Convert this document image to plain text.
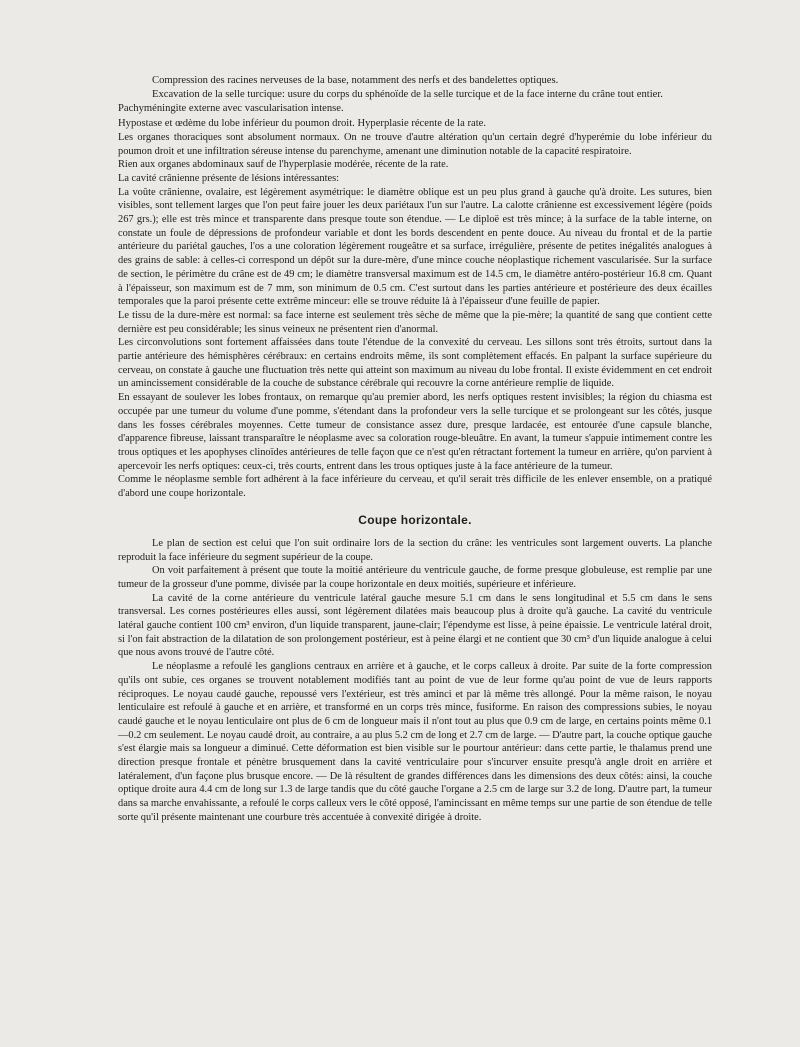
Compression des racines nerveuses de la base, notamment des nerfs et des bandelettes optiques.

Excavation de la selle turcique: usure du corps du sphénoïde de la selle turcique et de la face interne du crâne tout entier.

Pachyméningite externe avec vascularisation intense.

Hypostase et œdème du lobe inférieur du poumon droit. Hyperplasie récente de la rate.

Les organes thoraciques sont absolument normaux. On ne trouve d'autre altération qu'un certain degré d'hyperémie du lobe inférieur du poumon droit et une infiltration séreuse intense du parenchyme, amenant une diminution notable de la capacité respiratoire.

Rien aux organes abdominaux sauf de l'hyperplasie modérée, récente de la rate.

La cavité crânienne présente de lésions intéressantes:

La voûte crânienne, ovalaire, est légèrement asymétrique: le diamètre oblique est un peu plus grand à gauche qu'à droite. Les sutures, bien visibles, sont tellement larges que l'on peut faire jouer les deux pariétaux l'un sur l'autre. La calotte crânienne est excessivement légère (poids 267 grs.); elle est très mince et transparente dans presque toute son étendue. — Le diploë est très mince; à la surface de la table interne, on constate un foule de dépressions de profondeur variable et dont les bords descendent en pente douce. Au niveau du frontal et de la partie antérieure du pariétal gauches, l'os a une coloration légèrement rougeâtre et sa surface, irrégulière, présente de petites inégalités analogues à des grains de sable: à celles-ci correspond un dépôt sur la dure-mère, d'une mince couche néoplastique richement vascularisée. Sur la surface de section, le périmètre du crâne est de 49 cm; le diamètre transversal maximum est de 14.5 cm, le diamètre antéro-postérieur 16.8 cm. Quant à l'épaisseur, son maximum est de 7 mm, son minimum de 0.5 cm. C'est surtout dans les parties antérieure et postérieure des deux écailles temporales que la paroi présente cette extrême minceur: elle se trouve réduite là à l'épaisseur d'une feuille de papier.

Le tissu de la dure-mère est normal: sa face interne est seulement très sèche de même que la pie-mère; la quantité de sang que contient cette dernière est peu considérable; les sinus veineux ne présentent rien d'anormal.

Les circonvolutions sont fortement affaissées dans toute l'étendue de la convexité du cerveau. Les sillons sont très étroits, surtout dans la partie antérieure des hémisphères cérébraux: en certains endroits même, ils sont complètement effacés. En palpant la surface supérieure du cerveau, on constate à gauche une fluctuation très nette qui atteint son maximum au niveau du lobe frontal. Il existe évidemment en cet endroit un amincissement considérable de la couche de substance cérébrale qui recouvre la corne antérieure remplie de liquide.

En essayant de soulever les lobes frontaux, on remarque qu'au premier abord, les nerfs optiques restent invisibles; la région du chiasma est occupée par une tumeur du volume d'une pomme, s'étendant dans la profondeur vers la selle turcique et se prolongeant sur les côtés, jusque dans les fosses cérébrales moyennes. Cette tumeur de consistance assez dure, presque lardacée, est entourée d'une capsule blanche, d'apparence fibreuse, laissant transparaître le néoplasme avec sa coloration rouge-bleuâtre. En avant, la tumeur s'appuie intimement contre les trous optiques et les apophyses clinoïdes antérieures de telle façon que ce n'est qu'en rétractant fortement la tumeur en arrière, qu'on parvient à apercevoir les nerfs optiques: ceux-ci, très courts, entrent dans les trous optiques juste à la face antérieure de la tumeur.

Comme le néoplasme semble fort adhérent à la face inférieure du cerveau, et qu'il serait très difficile de les enlever ensemble, on a pratiqué d'abord une coupe horizontale.

Coupe horizontale.

Le plan de section est celui que l'on suit ordinaire lors de la section du crâne: les ventricules sont largement ouverts. La planche reproduit la face inférieure du segment supérieur de la coupe.

On voit parfaitement à présent que toute la moitié antérieure du ventricule gauche, de forme presque globuleuse, est remplie par une tumeur de la grosseur d'une pomme, divisée par la coupe horizontale en deux moitiés, supérieure et inférieure.

La cavité de la corne antérieure du ventricule latéral gauche mesure 5.1 cm dans le sens longitudinal et 5.5 cm dans le sens transversal. Les cornes postérieures elles aussi, sont légèrement dilatées mais beaucoup plus à droite qu'à gauche. La cavité du ventricule latéral gauche contient 100 cm³ environ, d'un liquide transparent, jaune-clair; l'épendyme est lisse, à peine épaissie. Le ventricule latéral droit, si l'on fait abstraction de la dilatation de son prolongement postérieur, est à peine élargi et ne contient que 30 cm³ d'un liquide analogue à celui que nous avons trouvé de l'autre côté.

Le néoplasme a refoulé les ganglions centraux en arrière et à gauche, et le corps calleux à droite. Par suite de la forte compression qu'ils ont subie, ces organes se trouvent notablement modifiés tant au point de vue de leur forme qu'au point de vue de leurs rapports réciproques. Le noyau caudé gauche, repoussé vers l'extérieur, est très aminci et par là même très allongé. Pour la même raison, le noyau lenticulaire est refoulé à gauche et en arrière, et transformé en un corps très mince, fusiforme. En raison des compressions subies, le noyau caudé gauche et le noyau lenticulaire ont plus de 6 cm de longueur mais il n'ont tout au plus que 0.9 cm de large, en certains points même 0.1—0.2 cm seulement. Le noyau caudé droit, au contraire, a au plus 5.2 cm de long et 2.7 cm de large. — D'autre part, la couche optique gauche s'est élargie mais sa longueur a diminué. Cette déformation est bien visible sur le pourtour antérieur: dans cette partie, le thalamus prend une direction presque frontale et pénètre brusquement dans la cavité ventriculaire pour s'incurver ensuite presqu'à angle droit en arrière et latéralement, d'un façone plus brusque encore. — De là résultent de grandes différences dans les dimensions des deux côtés: ainsi, la couche optique droite aura 4.4 cm de long sur 1.3 de large tandis que du côté gauche l'organe a 2.5 cm de large sur 3.2 de long. D'autre part, la tumeur dans sa marche envahissante, a refoulé le corps calleux vers le côté opposé, l'amincissant en même temps sur une partie de son étendue de telle sorte qu'il présente maintenant une courbure très accentuée à convexité dirigée à droite.
